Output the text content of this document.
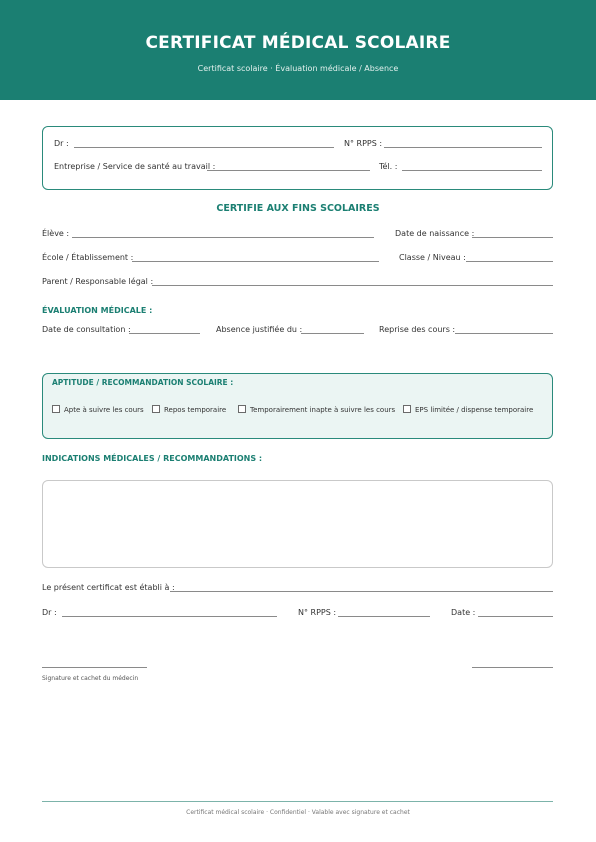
CERTIFICAT MÉDICAL SCOLAIRE
Certificat scolaire · Évaluation médicale / Absence
Dr :	N° RPPS :
Entreprise / Service de santé au travail :	Tél. :
CERTIFIE AUX FINS SCOLAIRES
Élève :	Date de naissance :
École / Établissement :	Classe / Niveau :
Parent / Responsable légal :
ÉVALUATION MÉDICALE :
Date de consultation :	Absence justifiée du :	Reprise des cours :
APTITUDE / RECOMMANDATION SCOLAIRE :
Apte à suivre les cours	Repos temporaire	Temporairement inapte à suivre les cours	EPS limitée / dispense temporaire
INDICATIONS MÉDICALES / RECOMMANDATIONS :
Le présent certificat est établi à :
Dr :	N° RPPS :	Date :
Signature et cachet du médecin
Certificat médical scolaire · Confidentiel · Valable avec signature et cachet
